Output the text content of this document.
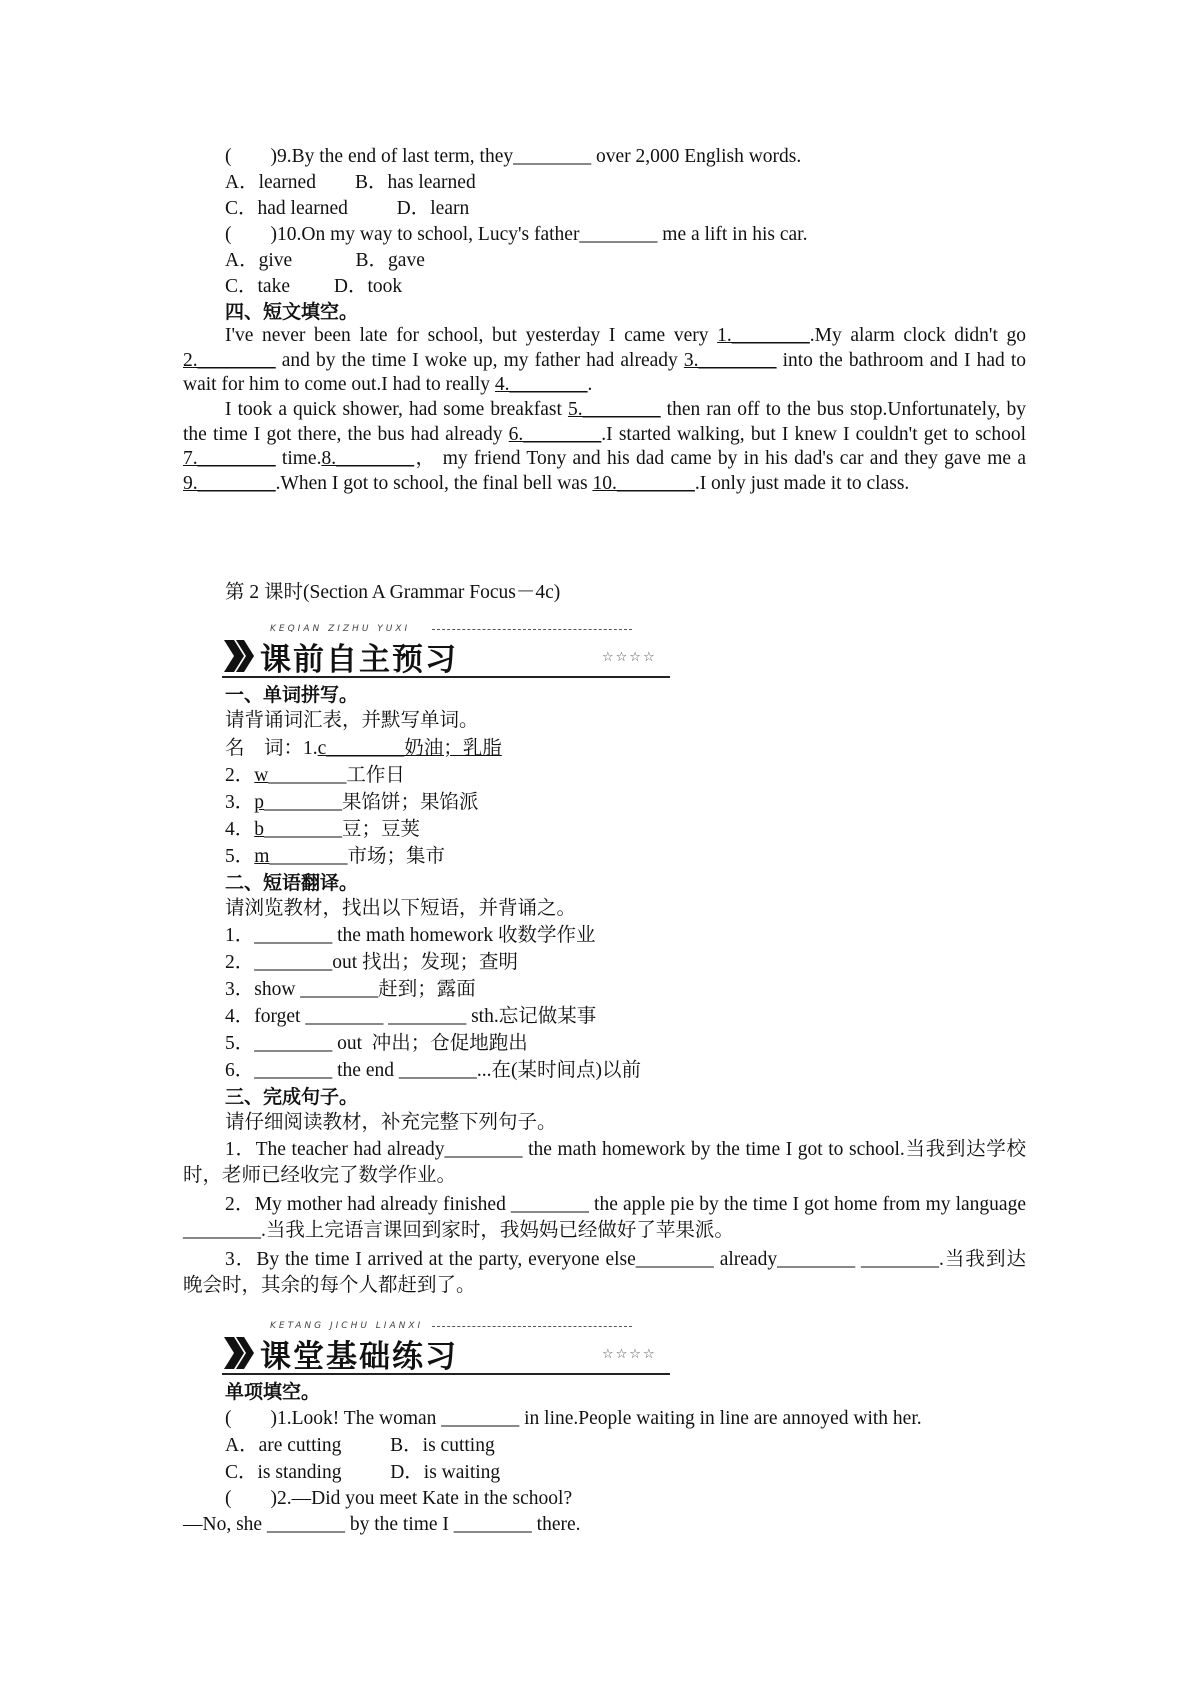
(　　)9.By the end of last term, they________ over 2,000 English words.
A．learned        B．has learned
C．had learned          D．learn
(　　)10.On my way to school, Lucy's father________ me a lift in his car.
A．give             B．gave
C．take         D．took
四、短文填空。
I've never been late for school, but yesterday I came very 1.________.My alarm clock didn't go 2.________ and by the time I woke up, my father had already 3.________ into the bathroom and I had to wait for him to come out.I had to really 4.________.
I took a quick shower, had some breakfast 5.________ then ran off to the bus stop.Unfortunately, by the time I got there, the bus had already 6.________.I started walking, but I knew I couldn't get to school 7.________ time.8.________， my friend Tony and his dad came by in his dad's car and they gave me a 9.________.When I got to school, the final bell was 10.________.I only just made it to class.
第 2 课时(Section A Grammar Focus－4c)
KEQIAN ZIZHU YUXI
课前自主预习	☆☆☆☆
一、单词拼写。
请背诵词汇表，并默写单词。
名　词：1.c________奶油；乳脂
2．w________工作日
3．p________果馅饼；果馅派
4．b________豆；豆荚
5．m________市场；集市
二、短语翻译。
请浏览教材，找出以下短语，并背诵之。
1．________ the math homework 收数学作业
2．________out 找出；发现；查明
3．show ________赶到；露面
4．forget ________ ________ sth.忘记做某事
5．________ out  冲出；仓促地跑出
6．________ the end ________...在(某时间点)以前
三、完成句子。
请仔细阅读教材，补充完整下列句子。
1．The teacher had already________ the math homework by the time I got to school.当我到达学校时，老师已经收完了数学作业。
2．My mother had already finished ________ the apple pie by the time I got home from my language ________.当我上完语言课回到家时，我妈妈已经做好了苹果派。
3．By the time I arrived at the party, everyone else________ already________ ________.当我到达晚会时，其余的每个人都赶到了。
KETANG JICHU LIANXI
课堂基础练习	☆☆☆☆
单项填空。
(　　)1.Look! The woman ________ in line.People waiting in line are annoyed with her.
A．are cutting          B．is cutting
C．is standing          D．is waiting
(　　)2.—Did you meet Kate in the school?
—No, she ________ by the time I ________ there.
